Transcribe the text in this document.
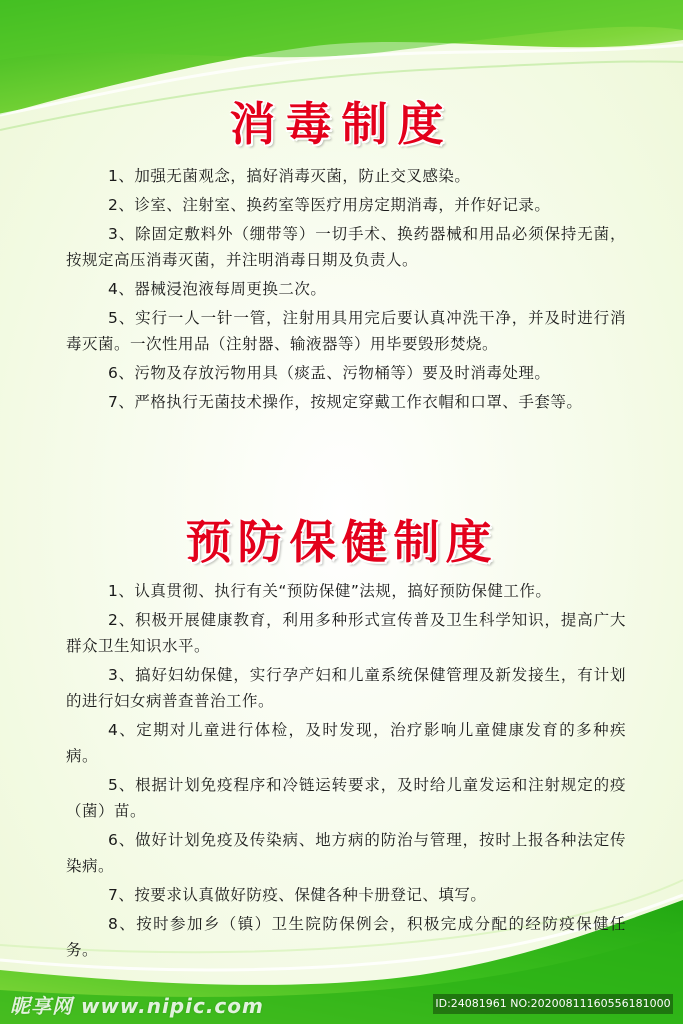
消毒制度
1、加强无菌观念，搞好消毒灭菌，防止交叉感染。
2、诊室、注射室、换药室等医疗用房定期消毒，并作好记录。
3、除固定敷料外（绷带等）一切手术、换药器械和用品必须保持无菌，按规定高压消毒灭菌，并注明消毒日期及负责人。
4、器械浸泡液每周更换二次。
5、实行一人一针一管，注射用具用完后要认真冲洗干净，并及时进行消毒灭菌。一次性用品（注射器、输液器等）用毕要毁形焚烧。
6、污物及存放污物用具（痰盂、污物桶等）要及时消毒处理。
7、严格执行无菌技术操作，按规定穿戴工作衣帽和口罩、手套等。
预防保健制度
1、认真贯彻、执行有关“预防保健”法规，搞好预防保健工作。
2、积极开展健康教育，利用多种形式宣传普及卫生科学知识，提高广大群众卫生知识水平。
3、搞好妇幼保健，实行孕产妇和儿童系统保健管理及新发接生，有计划的进行妇女病普查普治工作。
4、定期对儿童进行体检，及时发现，治疗影响儿童健康发育的多种疾病。
5、根据计划免疫程序和冷链运转要求，及时给儿童发运和注射规定的疫（菌）苗。
6、做好计划免疫及传染病、地方病的防治与管理，按时上报各种法定传染病。
7、按要求认真做好防疫、保健各种卡册登记、填写。
8、按时参加乡（镇）卫生院防保例会，积极完成分配的经防疫保健任务。
昵享网 www.nipic.com	ID:24081961 NO:20200811160556181000
